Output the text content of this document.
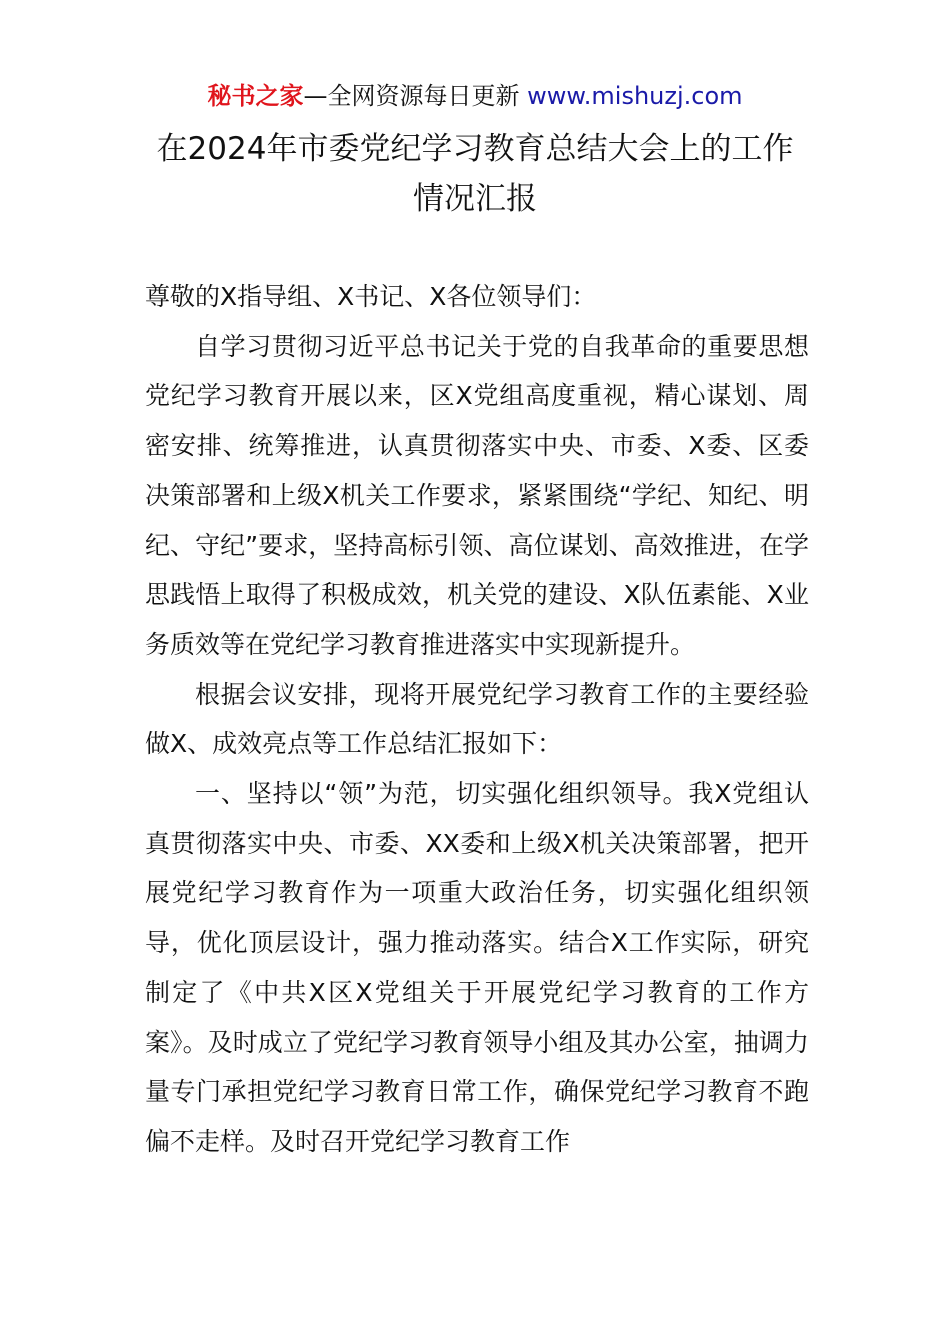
秘书之家—全网资源每日更新 www.mishuzj.com
在2024年市委党纪学习教育总结大会上的工作
情况汇报

尊敬的X指导组、X书记、X各位领导们：

自学习贯彻习近平总书记关于党的自我革命的重要思想党纪学习教育开展以来，区X党组高度重视，精心谋划、周密安排、统筹推进，认真贯彻落实中央、市委、X委、区委决策部署和上级X机关工作要求，紧紧围绕“学纪、知纪、明纪、守纪”要求，坚持高标引领、高位谋划、高效推进，在学思践悟上取得了积极成效，机关党的建设、X队伍素能、X业务质效等在党纪学习教育推进落实中实现新提升。

根据会议安排，现将开展党纪学习教育工作的主要经验做X、成效亮点等工作总结汇报如下：

一、坚持以“领”为范，切实强化组织领导。我X党组认真贯彻落实中央、市委、XX委和上级X机关决策部署，把开展党纪学习教育作为一项重大政治任务，切实强化组织领导，优化顶层设计，强力推动落实。结合X工作实际，研究制定了《中共X区X党组关于开展党纪学习教育的工作方案》。及时成立了党纪学习教育领导小组及其办公室，抽调力量专门承担党纪学习教育日常工作，确保党纪学习教育不跑偏不走样。及时召开党纪学习教育工作
